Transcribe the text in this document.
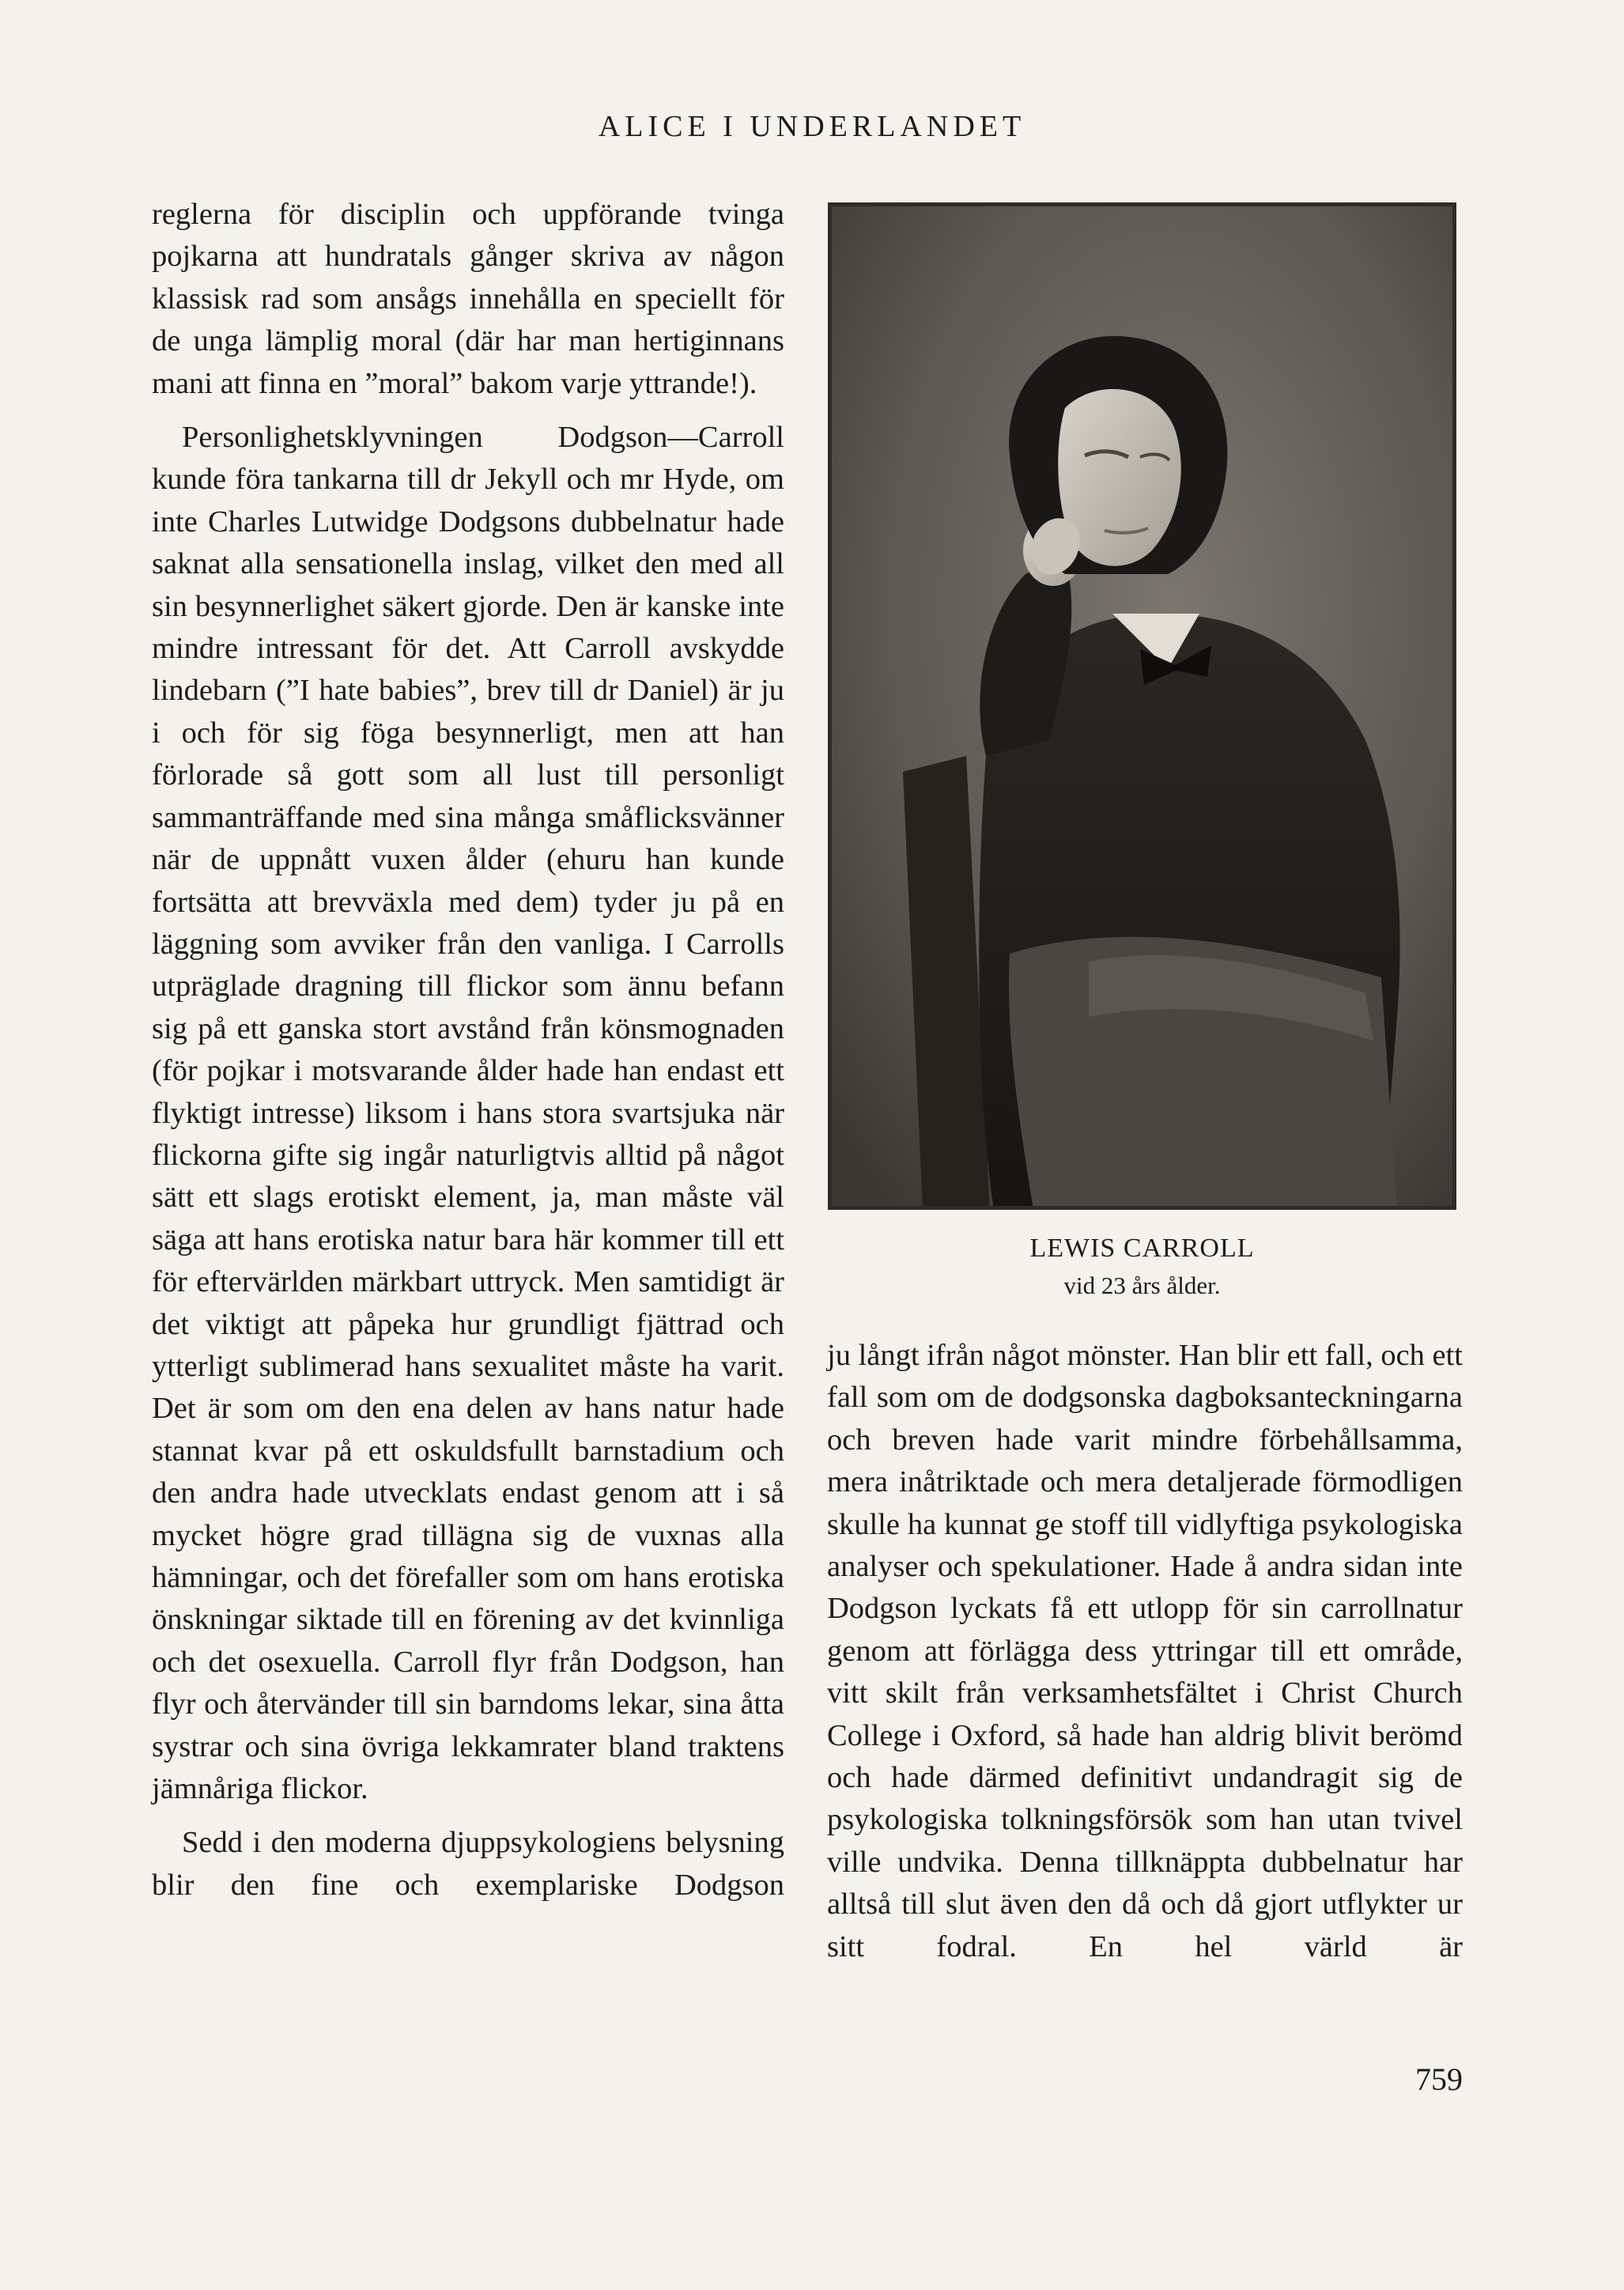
ALICE I UNDERLANDET

reglerna för disciplin och uppförande tvinga pojkarna att hundratals gånger skriva av någon klassisk rad som ansågs innehålla en speciellt för de unga lämplig moral (där har man hertiginnans mani att finna en ”moral” bakom varje yttrande!).

Personlighetsklyvningen Dodgson—Carroll kunde föra tankarna till dr Jekyll och mr Hyde, om inte Charles Lutwidge Dodgsons dubbelnatur hade saknat alla sensationella inslag, vilket den med all sin besynnerlighet säkert gjorde. Den är kanske inte mindre intressant för det. Att Carroll avskydde lindebarn (”I hate babies”, brev till dr Daniel) är ju i och för sig föga besynnerligt, men att han förlorade så gott som all lust till personligt sammanträffande med sina många småflicksvänner när de uppnått vuxen ålder (ehuru han kunde fortsätta att brevväxla med dem) tyder ju på en läggning som avviker från den vanliga. I Carrolls utpräglade dragning till flickor som ännu befann sig på ett ganska stort avstånd från könsmognaden (för pojkar i motsvarande ålder hade han endast ett flyktigt intresse) liksom i hans stora svartsjuka när flickorna gifte sig ingår naturligtvis alltid på något sätt ett slags erotiskt element, ja, man måste väl säga att hans erotiska natur bara här kommer till ett för eftervärlden märkbart uttryck. Men samtidigt är det viktigt att påpeka hur grundligt fjättrad och ytterligt sublimerad hans sexualitet måste ha varit. Det är som om den ena delen av hans natur hade stannat kvar på ett oskuldsfullt barnstadium och den andra hade utvecklats endast genom att i så mycket högre grad tillägna sig de vuxnas alla hämningar, och det förefaller som om hans erotiska önskningar siktade till en förening av det kvinnliga och det osexuella. Carroll flyr från Dodgson, han flyr och återvänder till sin barndoms lekar, sina åtta systrar och sina övriga lekkamrater bland traktens jämnåriga flickor.

Sedd i den moderna djuppsykologiens belysning blir den fine och exemplariske Dodgson

LEWIS CARROLL
vid 23 års ålder.

ju långt ifrån något mönster. Han blir ett fall, och ett fall som om de dodgsonska dagboksanteckningarna och breven hade varit mindre förbehållsamma, mera inåtriktade och mera detaljerade förmodligen skulle ha kunnat ge stoff till vidlyftiga psykologiska analyser och spekulationer. Hade å andra sidan inte Dodgson lyckats få ett utlopp för sin carrollnatur genom att förlägga dess yttringar till ett område, vitt skilt från verksamhetsfältet i Christ Church College i Oxford, så hade han aldrig blivit berömd och hade därmed definitivt undandragit sig de psykologiska tolkningsförsök som han utan tvivel ville undvika. Denna tillknäppta dubbelnatur har alltså till slut även den då och då gjort utflykter ur sitt fodral. En hel värld är

759
